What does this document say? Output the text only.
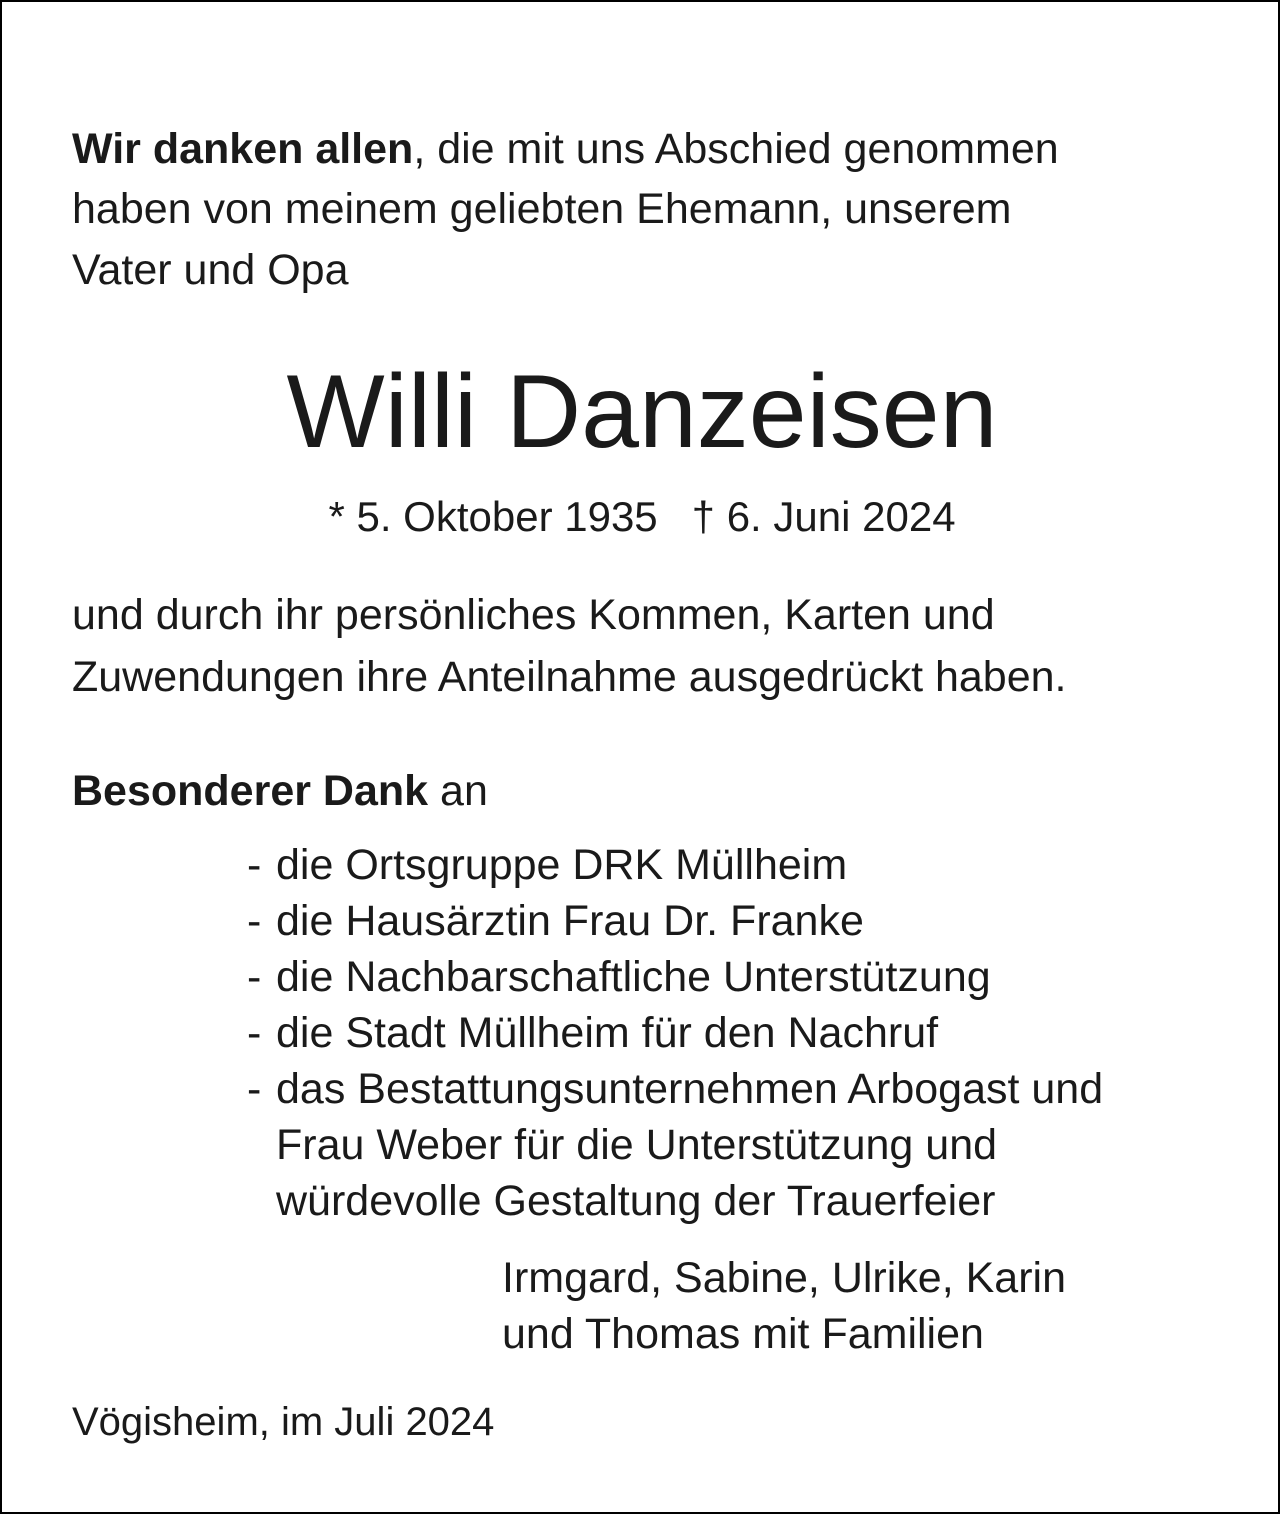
Wir danken allen, die mit uns Abschied genommen
haben von meinem geliebten Ehemann, unserem
Vater und Opa
Willi Danzeisen
* 5. Oktober 1935 † 6. Juni 2024
und durch ihr persönliches Kommen, Karten und
Zuwendungen ihre Anteilnahme ausgedrückt haben.
Besonderer Dank an
- die Ortsgruppe DRK Müllheim
- die Hausärztin Frau Dr. Franke
- die Nachbarschaftliche Unterstützung
- die Stadt Müllheim für den Nachruf
- das Bestattungsunternehmen Arbogast und
Frau Weber für die Unterstützung und
würdevolle Gestaltung der Trauerfeier
Irmgard, Sabine, Ulrike, Karin
und Thomas mit Familien
Vögisheim, im Juli 2024
